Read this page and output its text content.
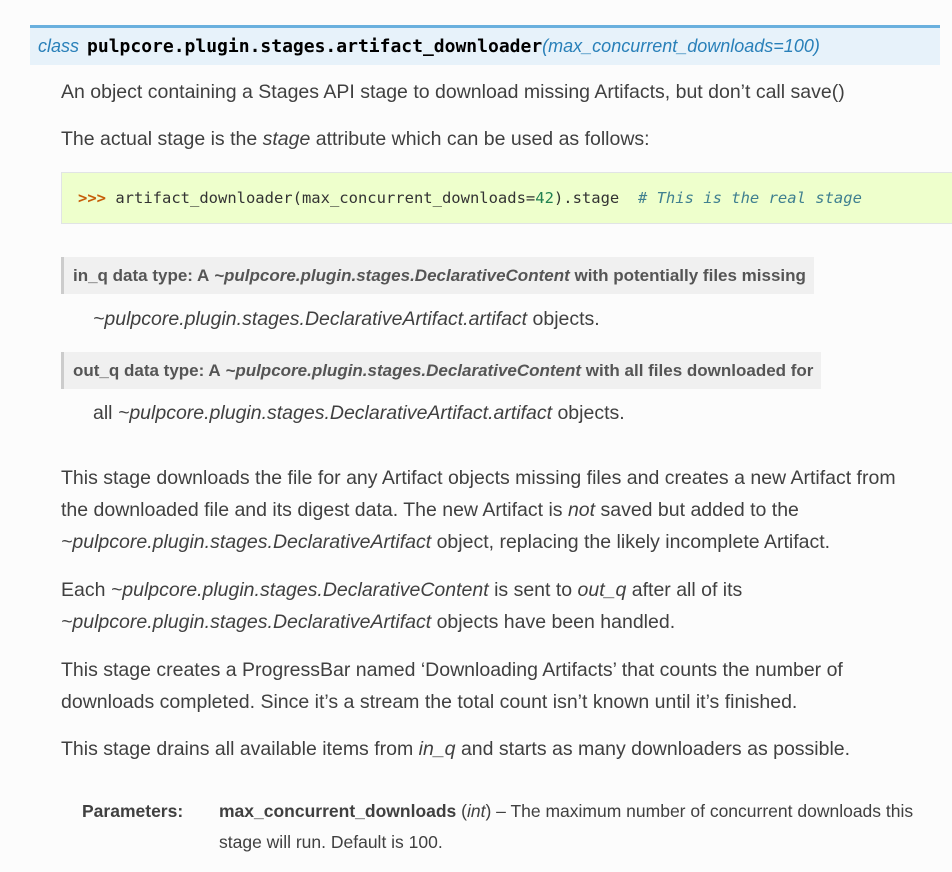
class pulpcore.plugin.stages.artifact_downloader (max_concurrent_downloads=100)

An object containing a Stages API stage to download missing Artifacts, but don’t call save()

The actual stage is the stage attribute which can be used as follows:

>>> artifact_downloader(max_concurrent_downloads= 42 ).stage # This is the real stage
in_q data type: A
~pulpcore.plugin.stages.DeclarativeContent
with potentially files missing
~pulpcore.plugin.stages.DeclarativeArtifact.artifact objects.
out_q data type: A
~pulpcore.plugin.stages.DeclarativeContent
with all files downloaded for
all ~pulpcore.plugin.stages.DeclarativeArtifact.artifact objects.

This stage downloads the file for any Artifact objects missing files and creates a new Artifact from the downloaded file and its digest data. The new Artifact is not saved but added to the ~pulpcore.plugin.stages.DeclarativeArtifact object, replacing the likely incomplete Artifact.

Each ~pulpcore.plugin.stages.DeclarativeContent is sent to out_q after all of its ~pulpcore.plugin.stages.DeclarativeArtifact objects have been handled.

This stage creates a ProgressBar named ‘Downloading Artifacts’ that counts the number of downloads completed. Since it’s a stream the total count isn’t known until it’s finished.

This stage drains all available items from in_q and starts as many downloaders as possible.

Parameters: max_concurrent_downloads (int) – The maximum number of concurrent downloads this stage will run. Default is 100.
